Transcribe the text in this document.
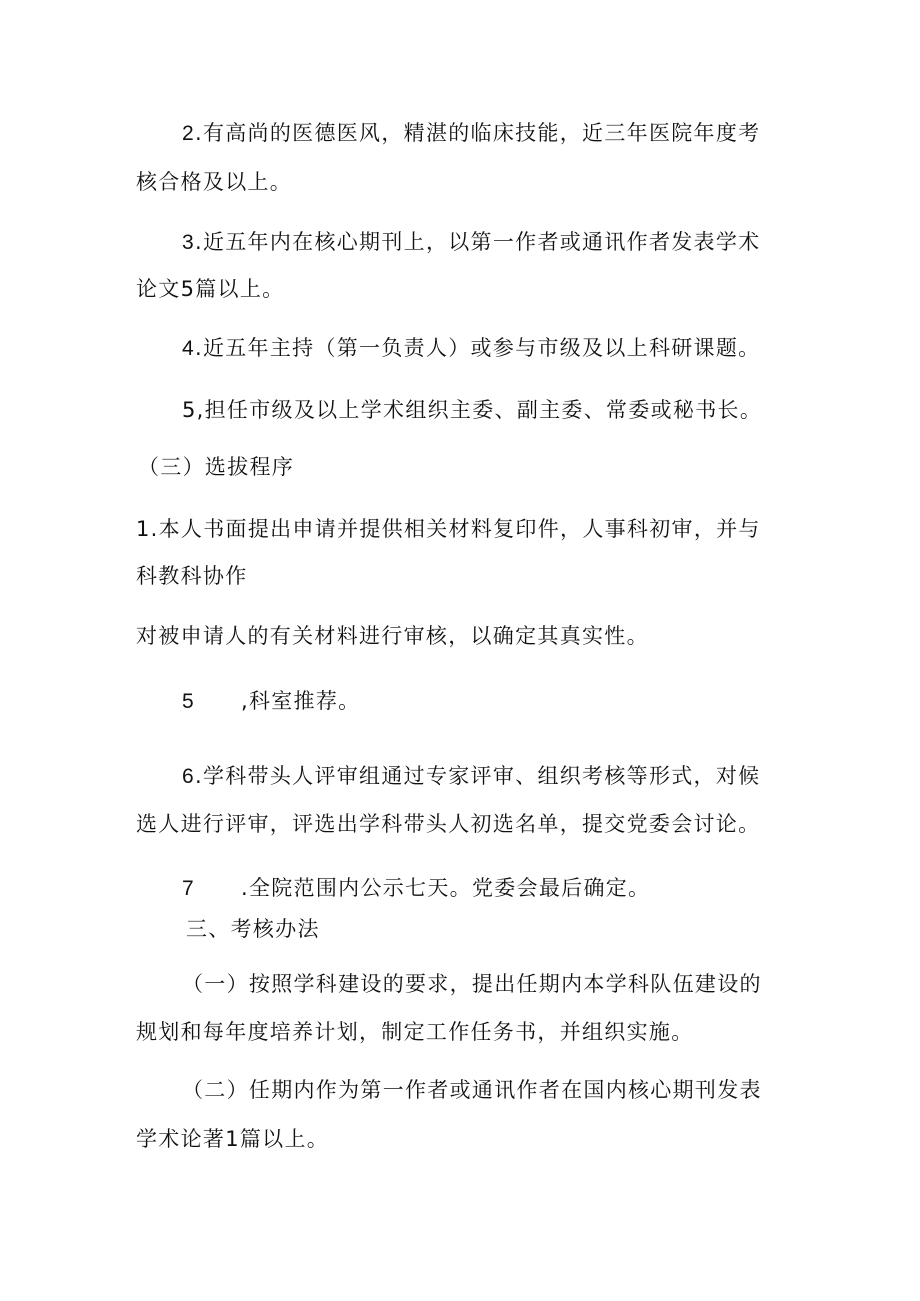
2.有高尚的医德医风，精湛的临床技能，近三年医院年度考

核合格及以上。

3.近五年内在核心期刊上，以第一作者或通讯作者发表学术

论文5篇以上。

4.近五年主持（第一负责人）或参与市级及以上科研课题。

5,担任市级及以上学术组织主委、副主委、常委或秘书长。

（三）选拔程序

1.本人书面提出申请并提供相关材料复印件，人事科初审，并与

科教科协作

对被申请人的有关材料进行审核，以确定其真实性。

5 ,科室推荐。

6.学科带头人评审组通过专家评审、组织考核等形式，对候

选人进行评审，评选出学科带头人初选名单，提交党委会讨论。

7 .全院范围内公示七天。党委会最后确定。

三、考核办法

（一）按照学科建设的要求，提出任期内本学科队伍建设的

规划和每年度培养计划，制定工作任务书，并组织实施。

（二）任期内作为第一作者或通讯作者在国内核心期刊发表

学术论著1篇以上。
